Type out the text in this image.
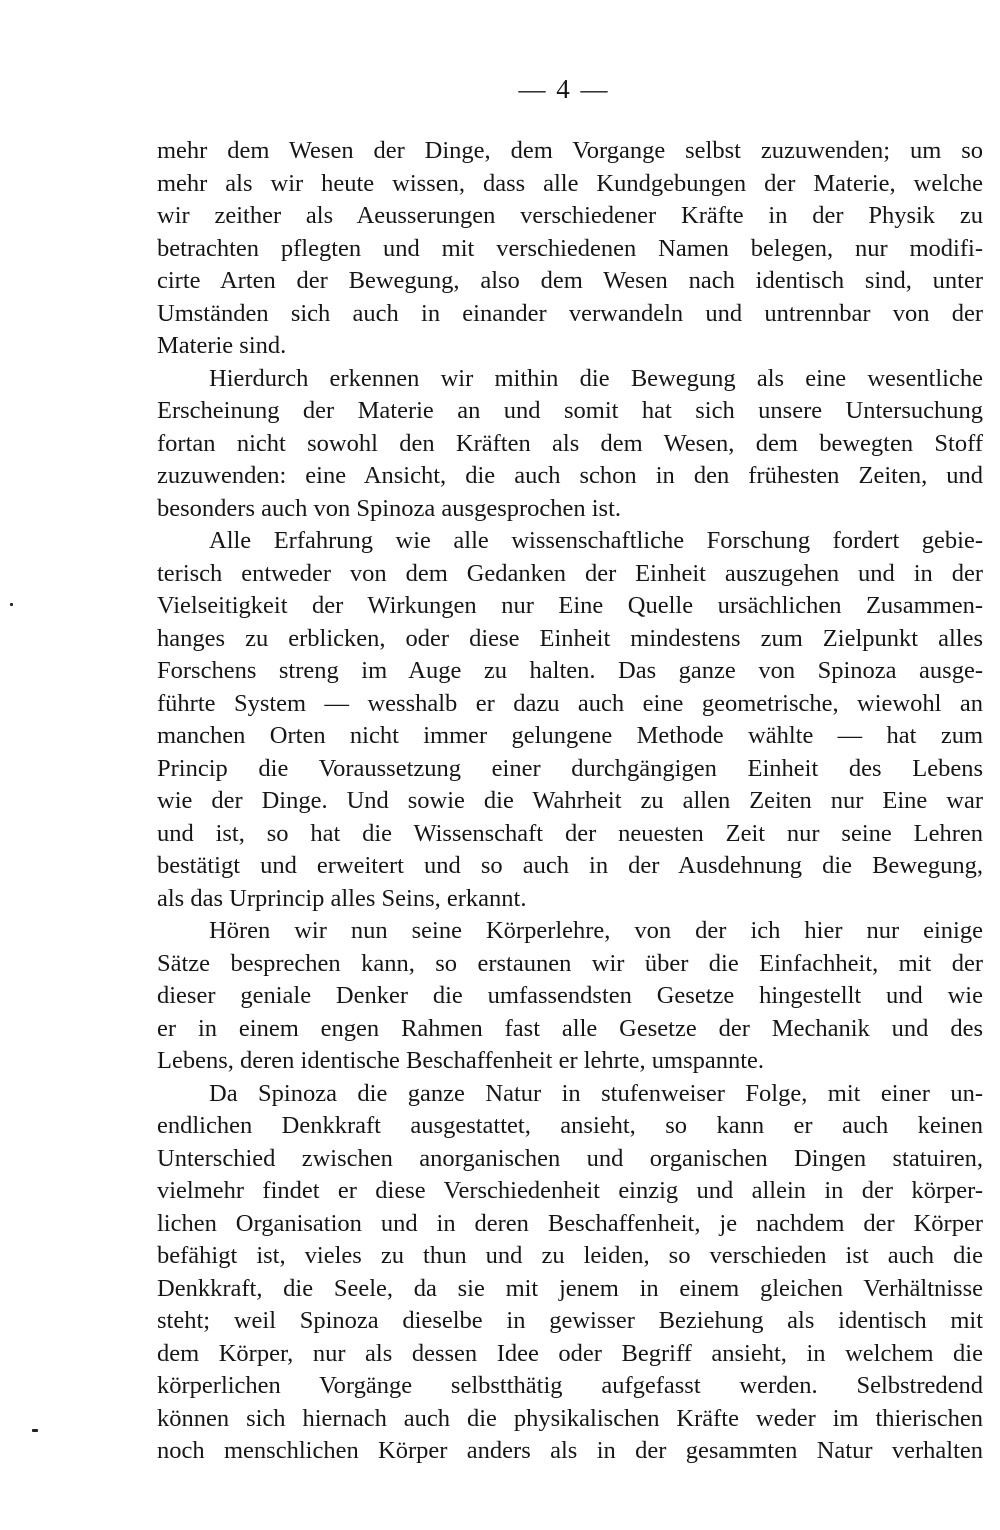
— 4 —
mehr dem Wesen der Dinge, dem Vorgange selbst zuzuwenden; um so
mehr als wir heute wissen, dass alle Kundgebungen der Materie, welche
wir zeither als Aeusserungen verschiedener Kräfte in der Physik zu
betrachten pflegten und mit verschiedenen Namen belegen, nur modifi-
cirte Arten der Bewegung, also dem Wesen nach identisch sind, unter
Umständen sich auch in einander verwandeln und untrennbar von der
Materie sind.
Hierdurch erkennen wir mithin die Bewegung als eine wesentliche
Erscheinung der Materie an und somit hat sich unsere Untersuchung
fortan nicht sowohl den Kräften als dem Wesen, dem bewegten Stoff
zuzuwenden: eine Ansicht, die auch schon in den frühesten Zeiten, und
besonders auch von Spinoza ausgesprochen ist.
Alle Erfahrung wie alle wissenschaftliche Forschung fordert gebie-
terisch entweder von dem Gedanken der Einheit auszugehen und in der
Vielseitigkeit der Wirkungen nur Eine Quelle ursächlichen Zusammen-
hanges zu erblicken, oder diese Einheit mindestens zum Zielpunkt alles
Forschens streng im Auge zu halten. Das ganze von Spinoza ausge-
führte System — wesshalb er dazu auch eine geometrische, wiewohl an
manchen Orten nicht immer gelungene Methode wählte — hat zum
Princip die Voraussetzung einer durchgängigen Einheit des Lebens
wie der Dinge. Und sowie die Wahrheit zu allen Zeiten nur Eine war
und ist, so hat die Wissenschaft der neuesten Zeit nur seine Lehren
bestätigt und erweitert und so auch in der Ausdehnung die Bewegung,
als das Urprincip alles Seins, erkannt.
Hören wir nun seine Körperlehre, von der ich hier nur einige
Sätze besprechen kann, so erstaunen wir über die Einfachheit, mit der
dieser geniale Denker die umfassendsten Gesetze hingestellt und wie
er in einem engen Rahmen fast alle Gesetze der Mechanik und des
Lebens, deren identische Beschaffenheit er lehrte, umspannte.
Da Spinoza die ganze Natur in stufenweiser Folge, mit einer un-
endlichen Denkkraft ausgestattet, ansieht, so kann er auch keinen
Unterschied zwischen anorganischen und organischen Dingen statuiren,
vielmehr findet er diese Verschiedenheit einzig und allein in der körper-
lichen Organisation und in deren Beschaffenheit, je nachdem der Körper
befähigt ist, vieles zu thun und zu leiden, so verschieden ist auch die
Denkkraft, die Seele, da sie mit jenem in einem gleichen Verhältnisse
steht; weil Spinoza dieselbe in gewisser Beziehung als identisch mit
dem Körper, nur als dessen Idee oder Begriff ansieht, in welchem die
körperlichen Vorgänge selbstthätig aufgefasst werden. Selbstredend
können sich hiernach auch die physikalischen Kräfte weder im thierischen
noch menschlichen Körper anders als in der gesammten Natur verhalten
